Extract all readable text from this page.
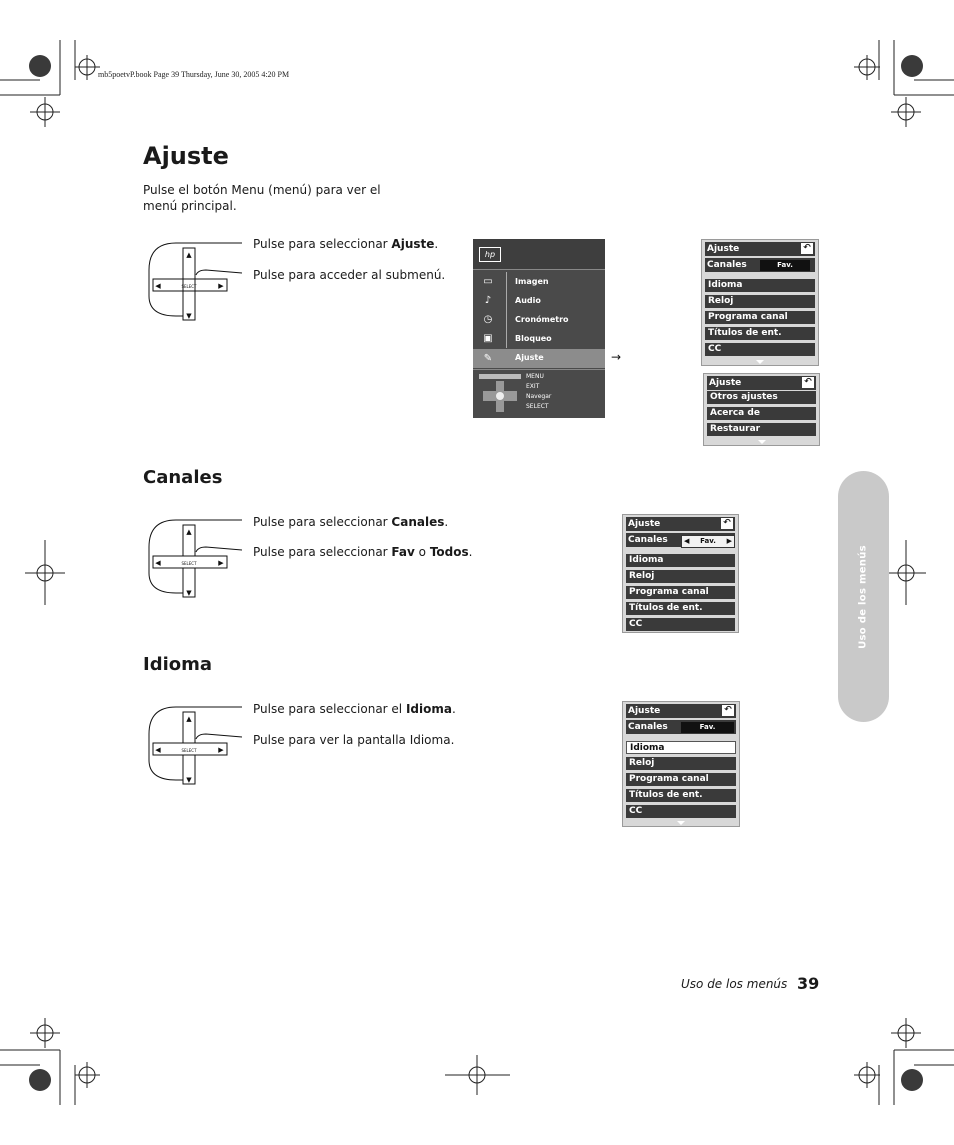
mb5poetvP.book Page 39 Thursday, June 30, 2005 4:20 PM
Ajuste
Pulse el botón Menu (menú) para ver el menú principal.
▲
▼
◀	▶
SELECT
Pulse para seleccionar Ajuste.
Pulse para acceder al submenú.
hp
▭
♪
◷
▣
✎
Imagen
Audio
Cronómetro
Bloqueo
Ajuste
MENU
EXIT
Navegar
SELECT
→
Ajuste	↶
Canales	Fav.
Idioma
Reloj
Programa canal
Títulos de ent.
CC
Ajuste	↶
Otros ajustes
Acerca de
Restaurar
Canales
▲
▼
◀	▶
SELECT
Pulse para seleccionar Canales.
Pulse para seleccionar Fav o Todos.
Ajuste	↶
Canales ◀ Fav. ▶
Idioma
Reloj
Programa canal
Títulos de ent.
CC
Idioma
▲
▼
◀	▶
SELECT
Pulse para seleccionar el Idioma.
Pulse para ver la pantalla Idioma.
Ajuste	↶
Canales	Fav.
Idioma
Reloj
Programa canal
Títulos de ent.
CC
Uso de los menús
Uso de los menús 39
